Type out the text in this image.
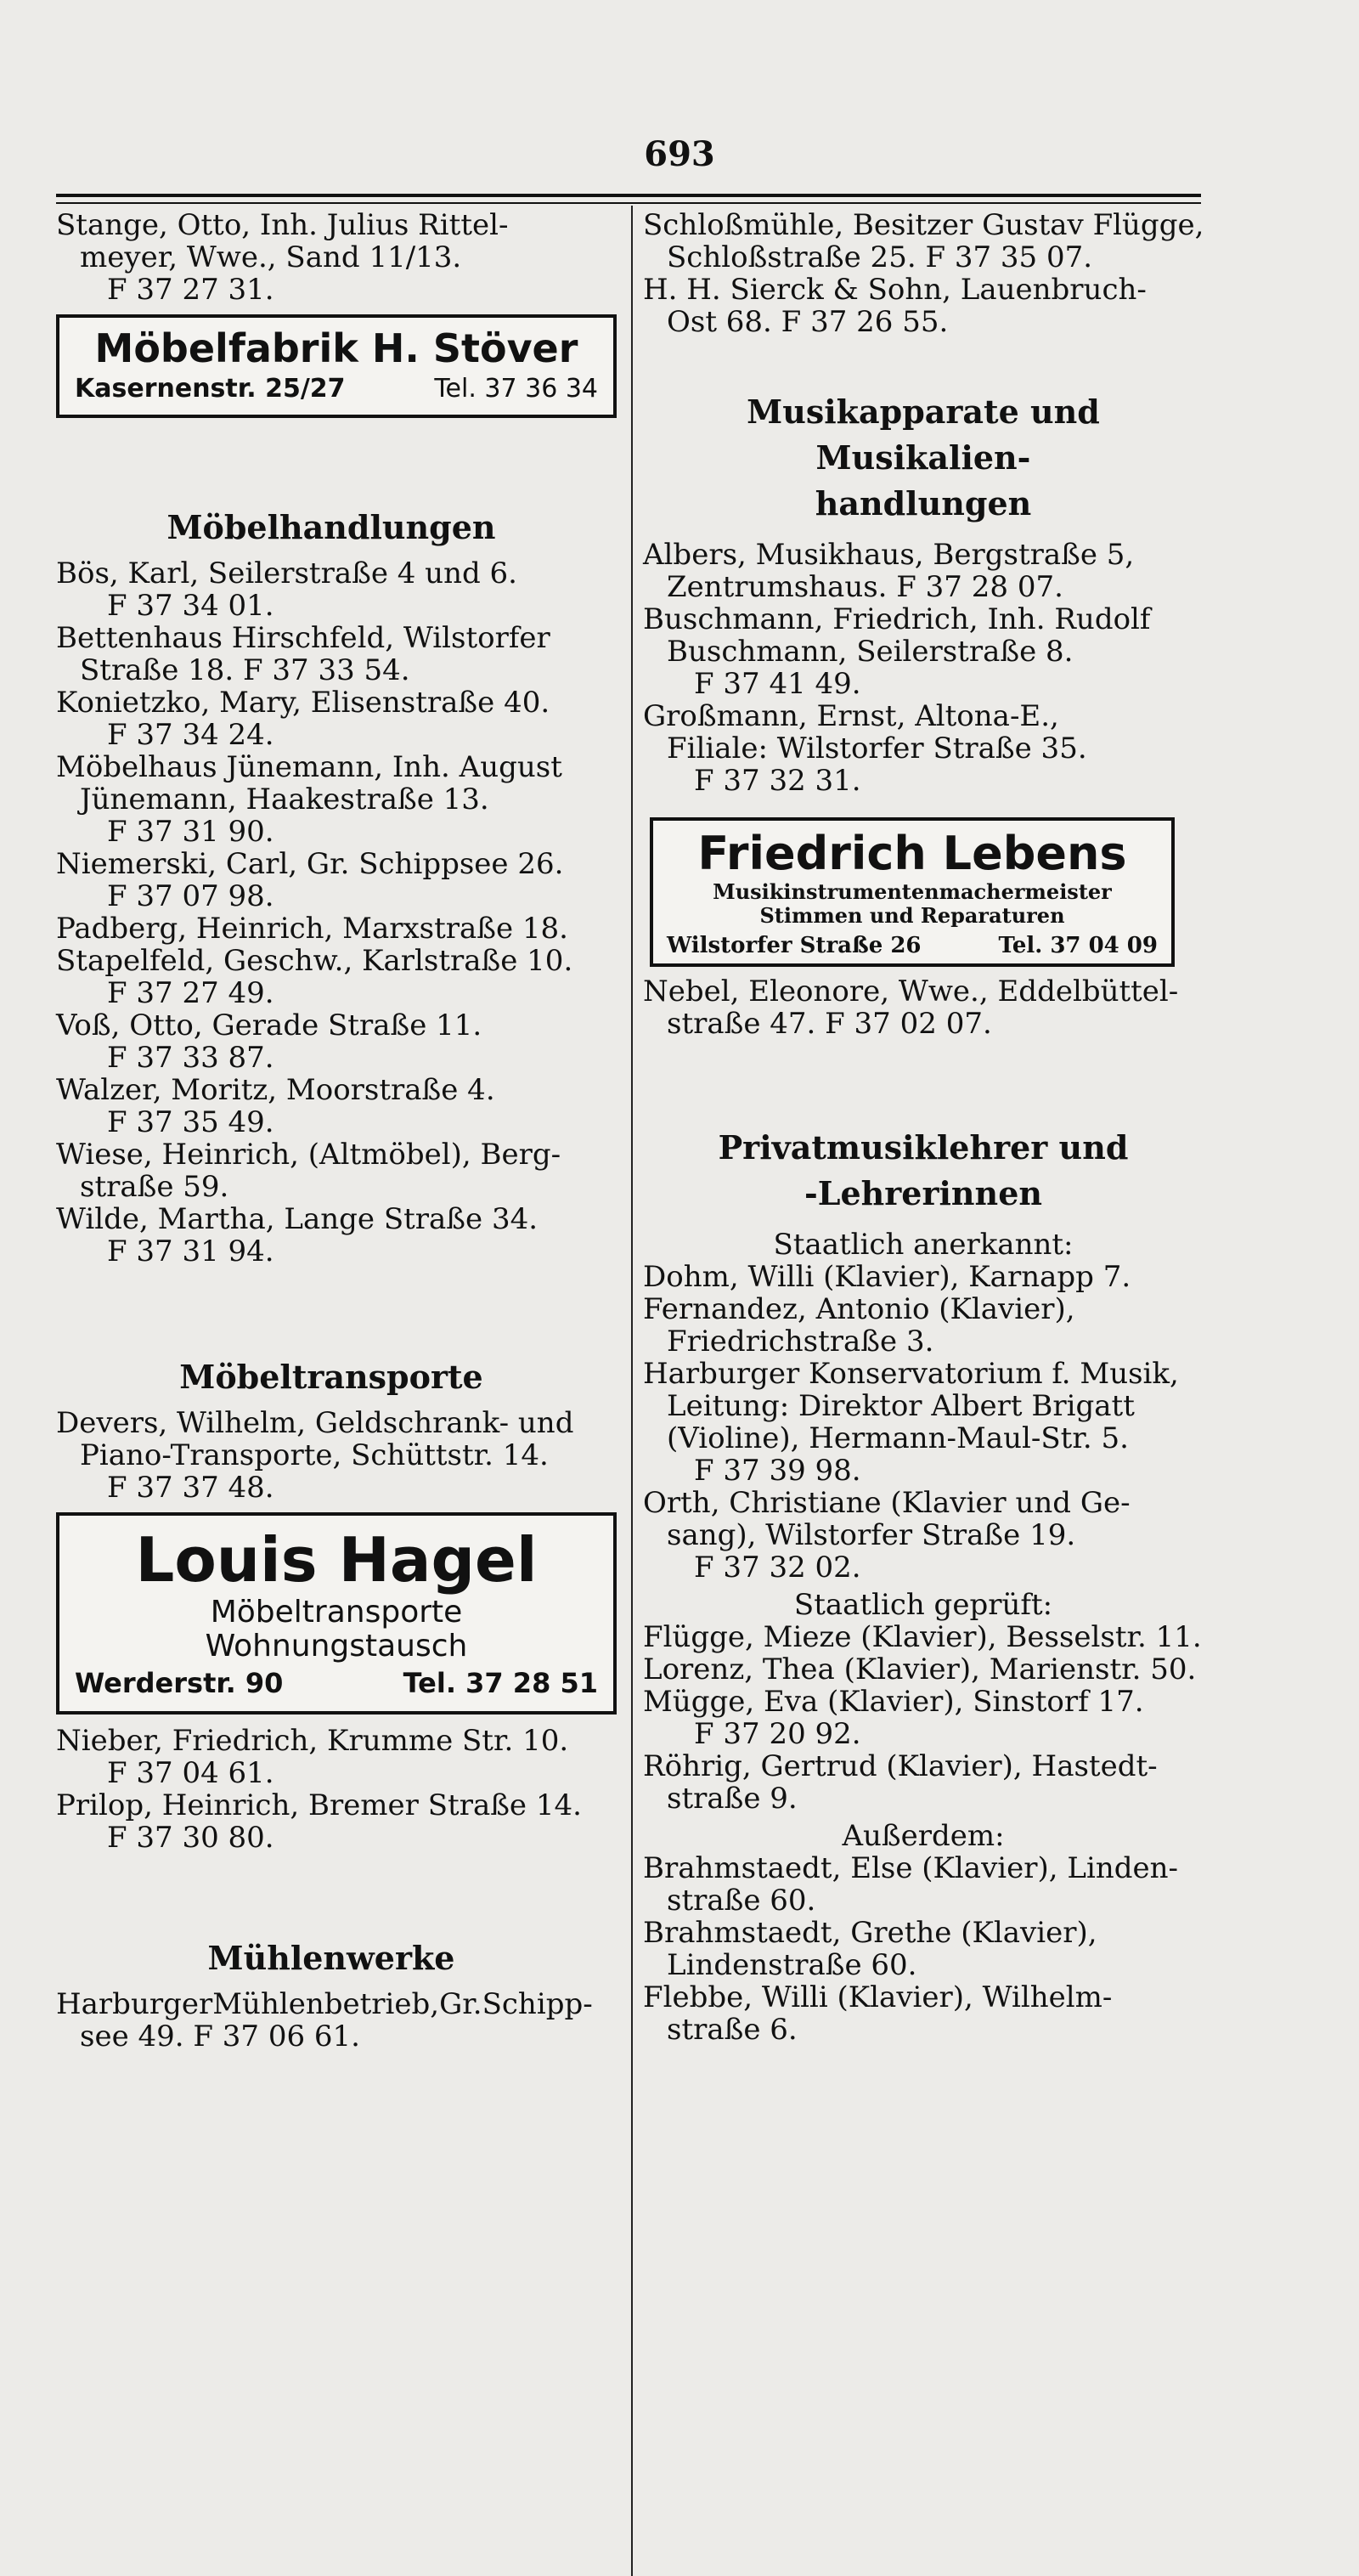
693
Stange, Otto, Inh. Julius Rittel-
meyer, Wwe., Sand 11/13.
F 37 27 31.
Möbelfabrik H. Stöver
Kasernenstr. 25/27	Tel. 37 36 34
Möbelhandlungen
Bös, Karl, Seilerstraße 4 und 6.
F 37 34 01.
Bettenhaus Hirschfeld, Wilstorfer
Straße 18. F 37 33 54.
Konietzko, Mary, Elisenstraße 40.
F 37 34 24.
Möbelhaus Jünemann, Inh. August
Jünemann, Haakestraße 13.
F 37 31 90.
Niemerski, Carl, Gr. Schippsee 26.
F 37 07 98.
Padberg, Heinrich, Marxstraße 18.
Stapelfeld, Geschw., Karlstraße 10.
F 37 27 49.
Voß, Otto, Gerade Straße 11.
F 37 33 87.
Walzer, Moritz, Moorstraße 4.
F 37 35 49.
Wiese, Heinrich, (Altmöbel), Berg-
straße 59.
Wilde, Martha, Lange Straße 34.
F 37 31 94.
Möbeltransporte
Devers, Wilhelm, Geldschrank- und
Piano-Transporte, Schüttstr. 14.
F 37 37 48.
Louis Hagel
Möbeltransporte
Wohnungstausch
Werderstr. 90	Tel. 37 28 51
Nieber, Friedrich, Krumme Str. 10.
F 37 04 61.
Prilop, Heinrich, Bremer Straße 14.
F 37 30 80.
Mühlenwerke
HarburgerMühlenbetrieb,Gr.Schipp-
see 49. F 37 06 61.
Schloßmühle, Besitzer Gustav Flügge,
Schloßstraße 25. F 37 35 07.
H. H. Sierck & Sohn, Lauenbruch-
Ost 68. F 37 26 55.
Musikapparate und Musikalien-
handlungen
Albers, Musikhaus, Bergstraße 5,
Zentrumshaus. F 37 28 07.
Buschmann, Friedrich, Inh. Rudolf
Buschmann, Seilerstraße 8.
F 37 41 49.
Großmann, Ernst, Altona-E.,
Filiale: Wilstorfer Straße 35.
F 37 32 31.
Friedrich Lebens
Musikinstrumentenmachermeister
Stimmen und Reparaturen
Wilstorfer Straße 26	Tel. 37 04 09
Nebel, Eleonore, Wwe., Eddelbüttel-
straße 47. F 37 02 07.
Privatmusiklehrer und
-Lehrerinnen
Staatlich anerkannt:
Dohm, Willi (Klavier), Karnapp 7.
Fernandez, Antonio (Klavier),
Friedrichstraße 3.
Harburger Konservatorium f. Musik,
Leitung: Direktor Albert Brigatt
(Violine), Hermann-Maul-Str. 5.
F 37 39 98.
Orth, Christiane (Klavier und Ge-
sang), Wilstorfer Straße 19.
F 37 32 02.
Staatlich geprüft:
Flügge, Mieze (Klavier), Besselstr. 11.
Lorenz, Thea (Klavier), Marienstr. 50.
Mügge, Eva (Klavier), Sinstorf 17.
F 37 20 92.
Röhrig, Gertrud (Klavier), Hastedt-
straße 9.
Außerdem:
Brahmstaedt, Else (Klavier), Linden-
straße 60.
Brahmstaedt, Grethe (Klavier),
Lindenstraße 60.
Flebbe, Willi (Klavier), Wilhelm-
straße 6.
